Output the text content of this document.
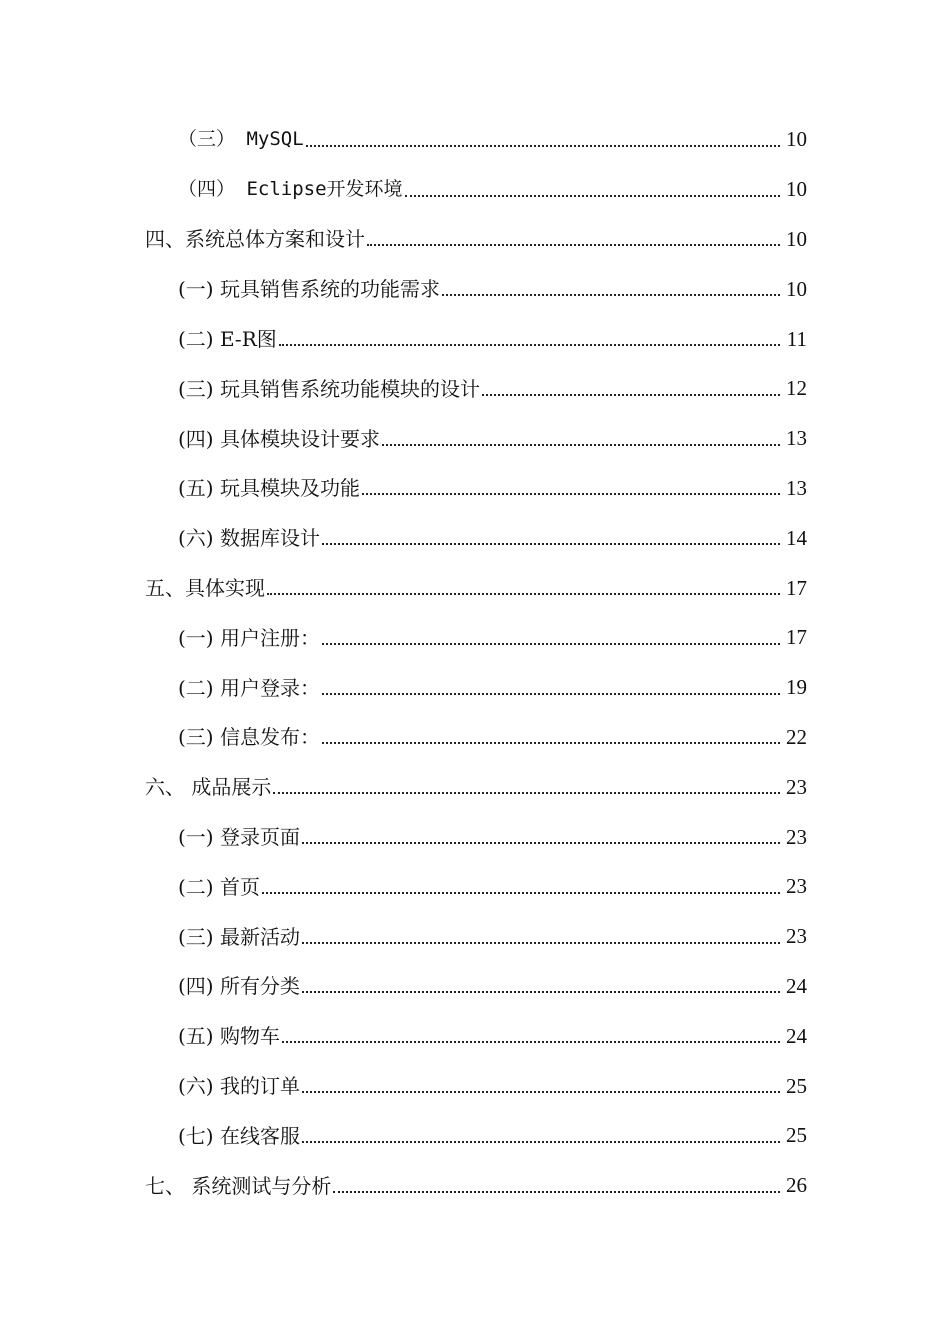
（三） MySQL	10
（四） Eclipse开发环境	10
四、系统总体方案和设计	10
(一) 玩具销售系统的功能需求	10
(二) E-R图	11
(三) 玩具销售系统功能模块的设计	12
(四) 具体模块设计要求	13
(五) 玩具模块及功能	13
(六) 数据库设计	14
五、具体实现	17
(一) 用户注册：	17
(二) 用户登录：	19
(三) 信息发布：	22
六、 成品展示	23
(一) 登录页面	23
(二) 首页	23
(三) 最新活动	23
(四) 所有分类	24
(五) 购物车	24
(六) 我的订单	25
(七) 在线客服	25
七、 系统测试与分析	26
